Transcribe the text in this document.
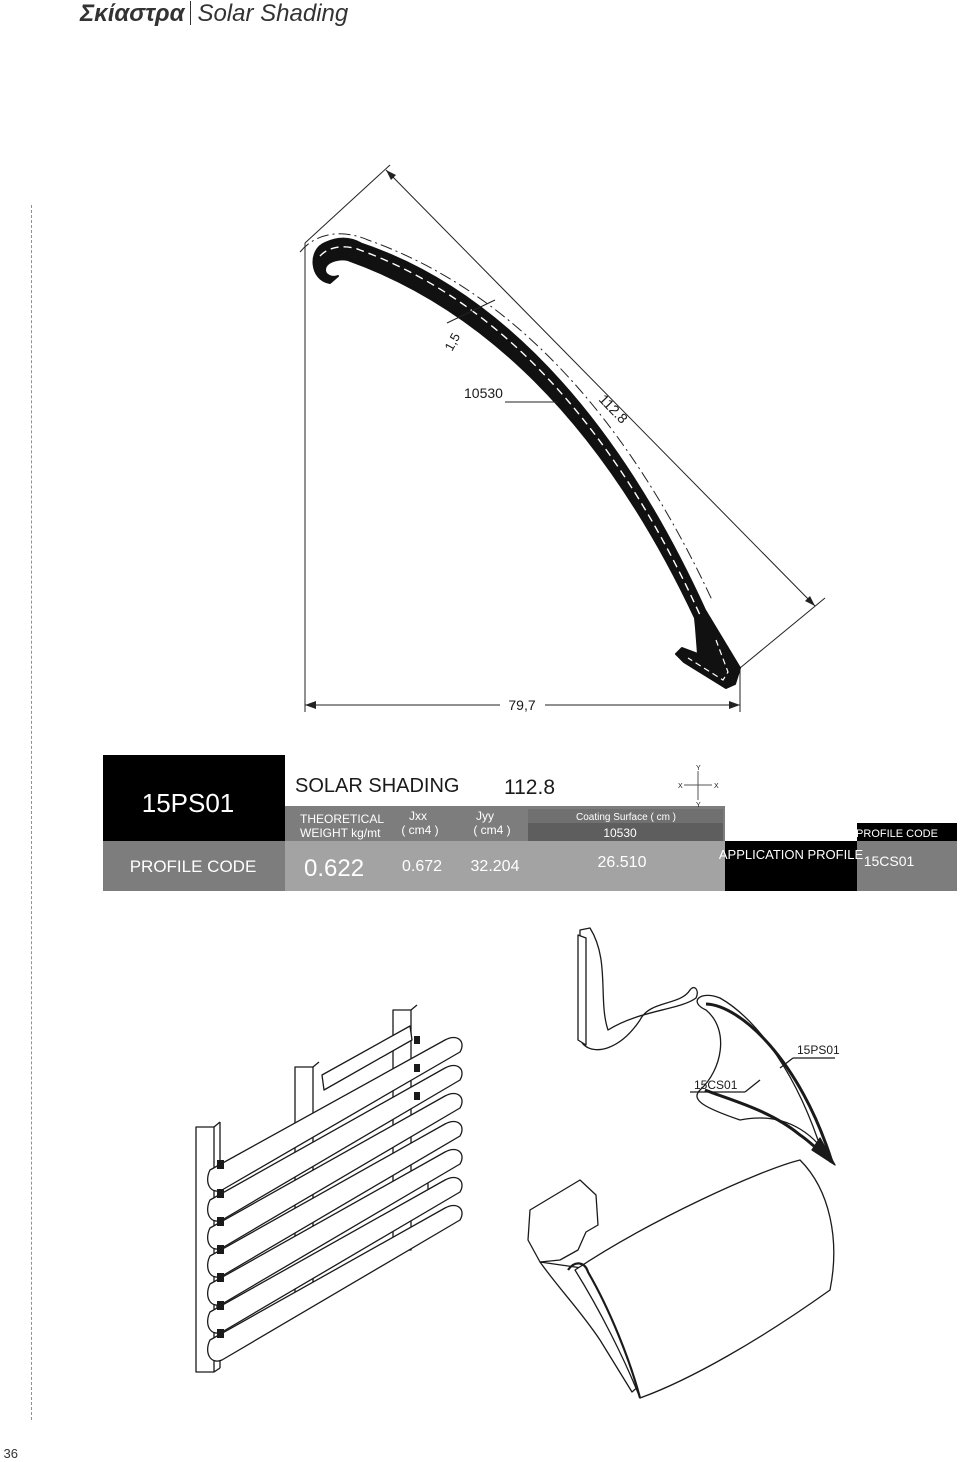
Σκίαστρα Solar Shading
112.8
79,7
1,5
10530
15PS01
PROFILE CODE
SOLAR SHADING 112.8
THEORETICAL
WEIGHT kg/mt
Jxx
( cm4 )
Jyy
( cm4 )
Coating Surface ( cm )
10530
0.622 0.672 32.204	26.510
X	X
Y
Y
APPLICATION PROFILE
PROFILE CODE
15CS01
15PS01
15CS01
36
